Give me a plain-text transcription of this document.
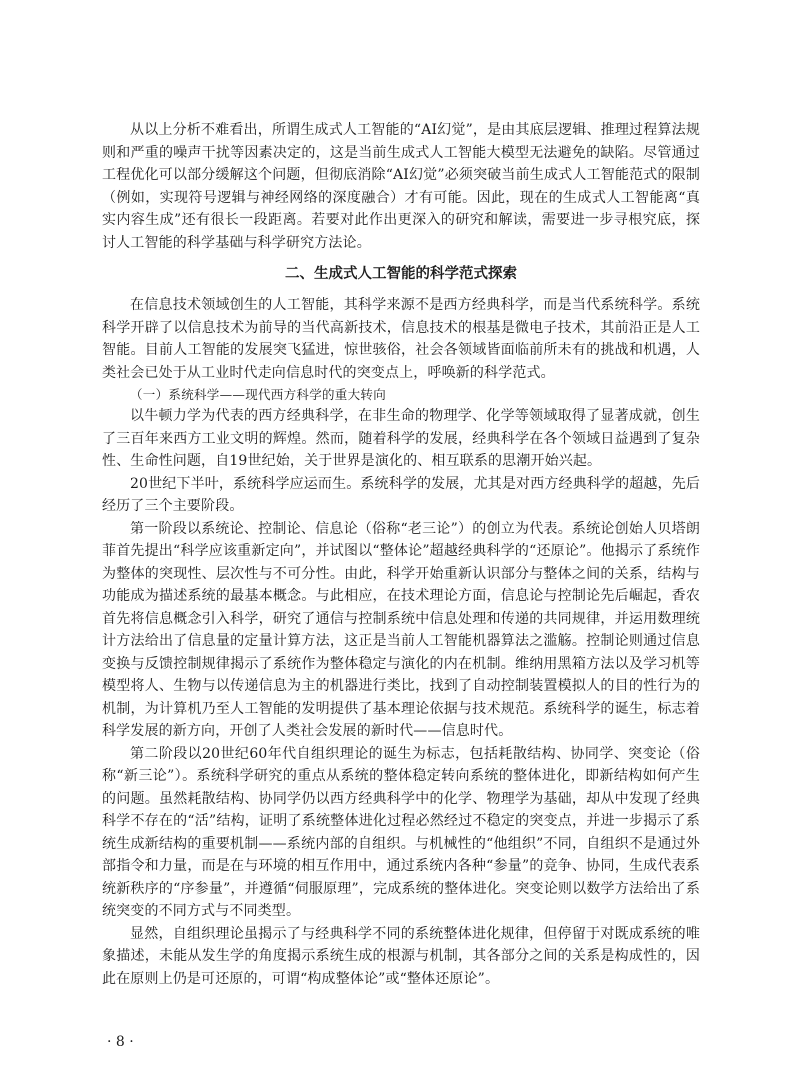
从以上分析不难看出，所谓生成式人工智能的“AI幻觉”，是由其底层逻辑、推理过程算法规则和严重的噪声干扰等因素决定的，这是当前生成式人工智能大模型无法避免的缺陷。尽管通过工程优化可以部分缓解这个问题，但彻底消除“AI幻觉”必须突破当前生成式人工智能范式的限制（例如，实现符号逻辑与神经网络的深度融合）才有可能。因此，现在的生成式人工智能离“真实内容生成”还有很长一段距离。若要对此作出更深入的研究和解读，需要进一步寻根究底，探讨人工智能的科学基础与科学研究方法论。

二、生成式人工智能的科学范式探索

在信息技术领域创生的人工智能，其科学来源不是西方经典科学，而是当代系统科学。系统科学开辟了以信息技术为前导的当代高新技术，信息技术的根基是微电子技术，其前沿正是人工智能。目前人工智能的发展突飞猛进，惊世骇俗，社会各领域皆面临前所未有的挑战和机遇，人类社会已处于从工业时代走向信息时代的突变点上，呼唤新的科学范式。

（一）系统科学——现代西方科学的重大转向

以牛顿力学为代表的西方经典科学，在非生命的物理学、化学等领域取得了显著成就，创生了三百年来西方工业文明的辉煌。然而，随着科学的发展，经典科学在各个领域日益遇到了复杂性、生命性问题，自19世纪始，关于世界是演化的、相互联系的思潮开始兴起。

20世纪下半叶，系统科学应运而生。系统科学的发展，尤其是对西方经典科学的超越，先后经历了三个主要阶段。

第一阶段以系统论、控制论、信息论（俗称“老三论”）的创立为代表。系统论创始人贝塔朗菲首先提出“科学应该重新定向”，并试图以“整体论”超越经典科学的“还原论”。他揭示了系统作为整体的突现性、层次性与不可分性。由此，科学开始重新认识部分与整体之间的关系，结构与功能成为描述系统的最基本概念。与此相应，在技术理论方面，信息论与控制论先后崛起，香农首先将信息概念引入科学，研究了通信与控制系统中信息处理和传递的共同规律，并运用数理统计方法给出了信息量的定量计算方法，这正是当前人工智能机器算法之滥觞。控制论则通过信息变换与反馈控制规律揭示了系统作为整体稳定与演化的内在机制。维纳用黑箱方法以及学习机等模型将人、生物与以传递信息为主的机器进行类比，找到了自动控制装置模拟人的目的性行为的机制，为计算机乃至人工智能的发明提供了基本理论依据与技术规范。系统科学的诞生，标志着科学发展的新方向，开创了人类社会发展的新时代——信息时代。

第二阶段以20世纪60年代自组织理论的诞生为标志，包括耗散结构、协同学、突变论（俗称“新三论”）。系统科学研究的重点从系统的整体稳定转向系统的整体进化，即新结构如何产生的问题。虽然耗散结构、协同学仍以西方经典科学中的化学、物理学为基础，却从中发现了经典科学不存在的“活”结构，证明了系统整体进化过程必然经过不稳定的突变点，并进一步揭示了系统生成新结构的重要机制——系统内部的自组织。与机械性的“他组织”不同，自组织不是通过外部指令和力量，而是在与环境的相互作用中，通过系统内各种“参量”的竞争、协同，生成代表系统新秩序的“序参量”，并遵循“伺服原理”，完成系统的整体进化。突变论则以数学方法给出了系统突变的不同方式与不同类型。

显然，自组织理论虽揭示了与经典科学不同的系统整体进化规律，但停留于对既成系统的唯象描述，未能从发生学的角度揭示系统生成的根源与机制，其各部分之间的关系是构成性的，因此在原则上仍是可还原的，可谓“构成整体论”或“整体还原论”。

· 8 ·
